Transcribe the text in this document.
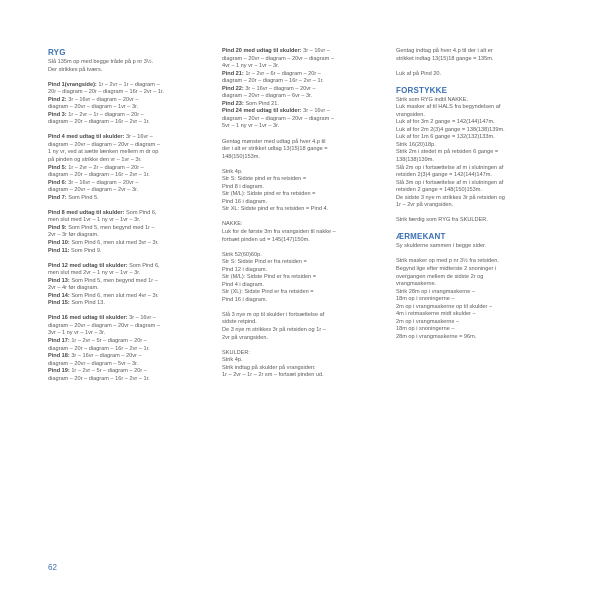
RYG
Slå 135m op med begge tråde på p nr 3½.
Der strikkes på tværs.
Pind 1(vrangside): 1r – 2vr – 1r – diagram –
20r – diagram – 20r – diagram – 16r – 2vr – 1r.
Pind 2: 3r – 16vr – diagram – 20vr –
diagram – 20vr – diagram – 1vr – 3r.
Pind 3: 1r – 2vr – 1r – diagram – 20r –
diagram – 20r – diagram – 16r – 2vr – 1r.
Pind 4 med udtag til skulder: 3r – 16vr –
diagram – 20vr – diagram – 20vr – diagram –
1 ny vr, ved at sætte lænken mellem m dr op
på pinden og strikke den vr – 1vr – 3r.
Pind 5: 1r – 2vr – 2r – diagram – 20r –
diagram – 20r – diagram – 16r – 2vr – 1r.
Pind 6: 3r – 16vr – diagram – 20vr –
diagram – 20vr – diagram – 2vr – 3r.
Pind 7: Som Pind 5.
Pind 8 med udtag til skulder: Som Pind 6,
men slut med 1vr – 1 ny vr – 1vr – 3r.
Pind 9: Som Pind 5, men begynd med 1r –
2vr – 3r før diagram.
Pind 10: Som Pind 6, men slut med 3vr – 3r.
Pind 11: Som Pind 9.
Pind 12 med udtag til skulder: Som Pind 6,
men slut med 2vr – 1 ny vr – 1vr – 3r.
Pind 13: Som Pind 5, men begynd med 1r –
2vr – 4r før diagram.
Pind 14: Som Pind 6, men slut med 4vr – 3r.
Pind 15: Som Pind 13.
Pind 16 med udtag til skulder: 3r – 16vr –
diagram – 20vr – diagram – 20vr – diagram –
3vr – 1 ny vr – 1vr – 3r.
Pind 17: 1r – 2vr – 5r – diagram – 20r –
diagram – 20r – diagram – 16r – 2vr – 1r.
Pind 18: 3r – 16vr – diagram – 20vr –
diagram – 20vr – diagram – 5vr – 3r.
Pind 19: 1r – 2vr – 5r – diagram – 20r –
diagram – 20r – diagram – 16r – 2vr – 1r.
Pind 20 med udtag til skulder: 3r – 16vr –
diagram – 20vr – diagram – 20vr – diagram –
4vr – 1 ny vr – 1vr – 3r.
Pind 21: 1r – 2vr – 6r – diagram – 20r –
diagram – 20r – diagram – 16r – 2vr – 1r.
Pind 22: 3r – 16vr – diagram – 20vr –
diagram – 20vr – diagram – 6vr – 3r.
Pind 23: Som Pind 21.
Pind 24 med udtag til skulder: 3r – 16vr –
diagram – 20vr – diagram – 20vr – diagram –
5vr – 1 ny vr – 1vr – 3r.
Gentag mønster med udtag på hver 4.p til
der i alt er strikket udtag 13(15)18 gange =
148(150)153m.
Strik 4p.
Str S: Sidste pind er fra retsiden =
Pind 8 i diagram.
Str (M/L): Sidste pind er fra retsiden =
Pind 16 i diagram.
Str XL: Sidste pind er fra retsiden = Pind 4.
NAKKE:
Luk for de første 3m fra vrangsiden til nakke –
fortsæt pinden ud = 145(147)150m.
Strik 52(60)60p.
Str S: Sidste Pind er fra retsiden =
Pind 12 i diagram.
Str (M/L): Sidste Pind er fra retsiden =
Pind 4 i diagram.
Str (XL): Sidste Pind er fra retsiden =
Pind 16 i diagram.
Slå 3 nye m op til skulder i fortsættelse af
sidste retpind.
De 3 nye m strikkes 3r på retsiden og 1r –
2vr på vrangsiden.
SKULDER:
Strik 4p.
Strik indtag på skulder på vrangsiden:
1r – 2vr – 1r – 2r sm – fortsæt pinden ud.
Gentag indtag på hver 4.p til der i alt er
strikket indtag 13(15)18 gange = 135m.
Luk af på Pind 20.
FORSTYKKE
Strik som RYG indtil NAKKE.
Luk masker af til HALS fra begyndelsen af
vrangsiden.
Luk af for 3m 2 gange = 142(144)147m.
Luk af for 2m 2(3)4 gange = 138(138)139m.
Luk af for 1m 6 gange = 132(132)133m.
Strik 16(20)18p.
Strik 2m i stedet m på retsiden 6 gange =
138(138)139m.
Slå 2m op i fortsættelse af m i slutningen af
retsiden 2(3)4 gange = 142(144)147m.
Slå 3m op i fortsættelse af m i slutningen af
retsiden 2 gange = 148(150)153m.
De sidste 3 nye m strikkes 3r på retsiden og
1r – 2vr på vrangsiden.
Strik færdig som RYG fra SKULDER.
ÆRMEKANT
Sy skulderne sammen i begge sider.
Strik masker op med p nr 3½ fra retsiden.
Begynd lige efter midterste 2 snoninger i
overgangen mellem de sidste 2r og
vrangmaskerne.
Strik 28m op i vrangmaskerne –
18m op i snoningerne –
2m op i vrangmaskerne op til skulder –
4m i retmaskerne midt skulder –
2m op i vrangmaskerne –
18m op i snoningerne –
28m op i vrangmaskerne = 96m.
62
